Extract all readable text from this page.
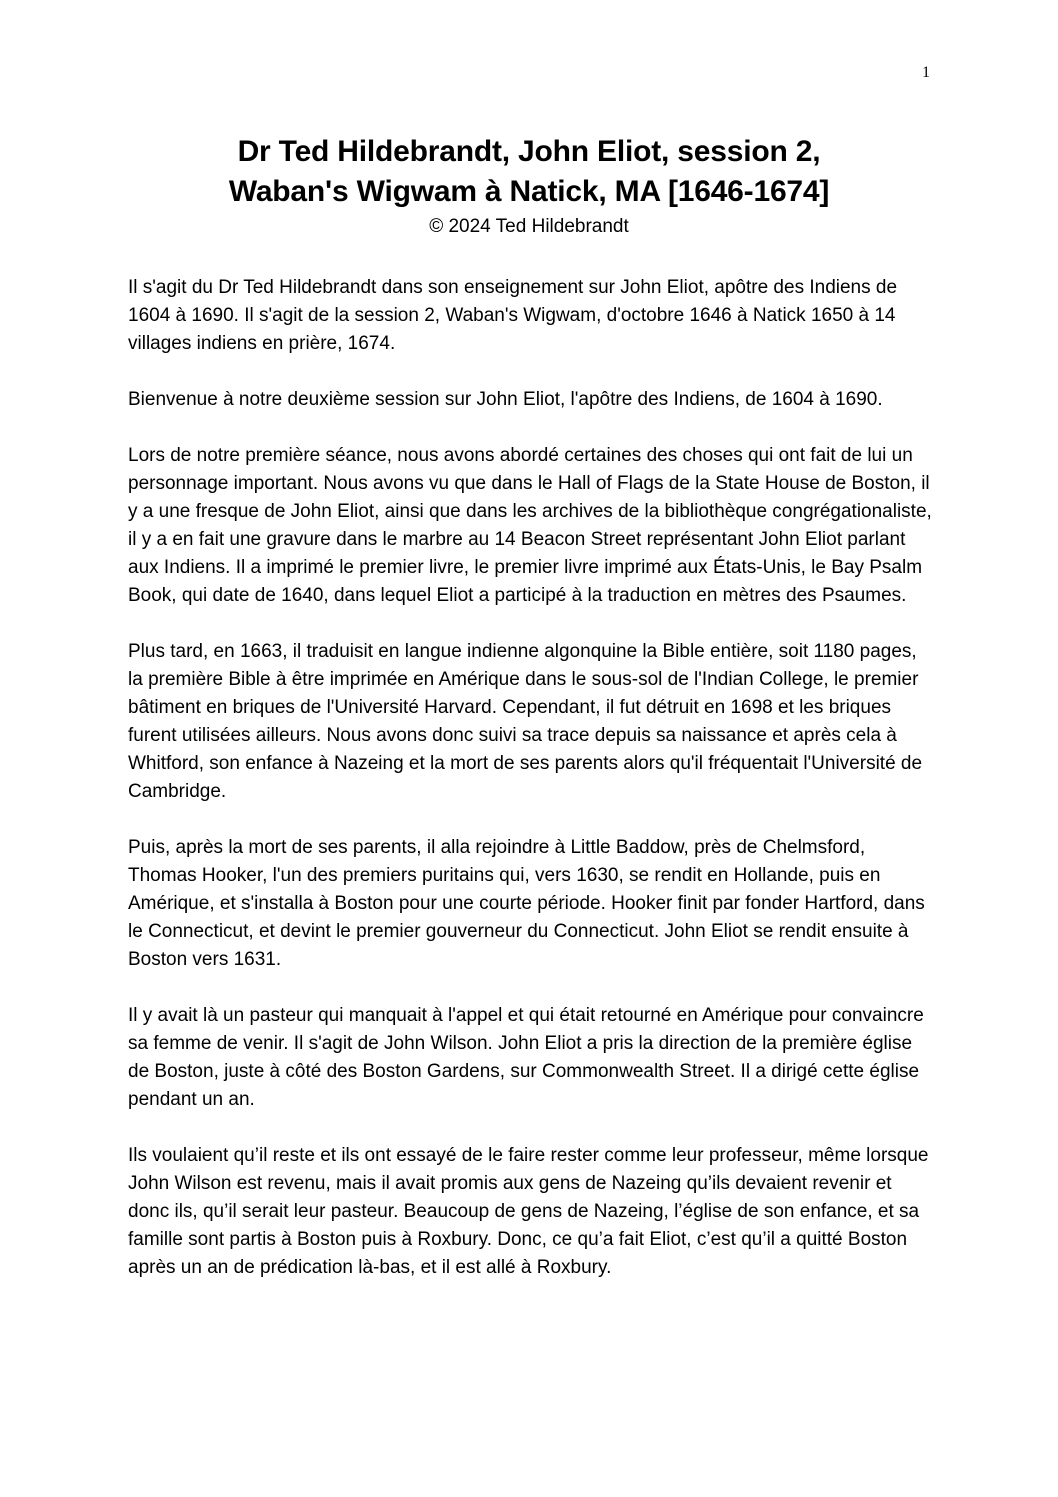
1
Dr Ted Hildebrandt, John Eliot, session 2,
Waban's Wigwam à Natick, MA [1646-1674]
© 2024 Ted Hildebrandt

Il s'agit du Dr Ted Hildebrandt dans son enseignement sur John Eliot, apôtre des Indiens de 1604 à 1690. Il s'agit de la session 2, Waban's Wigwam, d'octobre 1646 à Natick 1650 à 14 villages indiens en prière, 1674.

Bienvenue à notre deuxième session sur John Eliot, l'apôtre des Indiens, de 1604 à 1690.

Lors de notre première séance, nous avons abordé certaines des choses qui ont fait de lui un personnage important. Nous avons vu que dans le Hall of Flags de la State House de Boston, il y a une fresque de John Eliot, ainsi que dans les archives de la bibliothèque congrégationaliste, il y a en fait une gravure dans le marbre au 14 Beacon Street représentant John Eliot parlant aux Indiens. Il a imprimé le premier livre, le premier livre imprimé aux États-Unis, le Bay Psalm Book, qui date de 1640, dans lequel Eliot a participé à la traduction en mètres des Psaumes.

Plus tard, en 1663, il traduisit en langue indienne algonquine la Bible entière, soit 1180 pages, la première Bible à être imprimée en Amérique dans le sous-sol de l'Indian College, le premier bâtiment en briques de l'Université Harvard. Cependant, il fut détruit en 1698 et les briques furent utilisées ailleurs. Nous avons donc suivi sa trace depuis sa naissance et après cela à Whitford, son enfance à Nazeing et la mort de ses parents alors qu'il fréquentait l'Université de Cambridge.

Puis, après la mort de ses parents, il alla rejoindre à Little Baddow, près de Chelmsford, Thomas Hooker, l'un des premiers puritains qui, vers 1630, se rendit en Hollande, puis en Amérique, et s'installa à Boston pour une courte période. Hooker finit par fonder Hartford, dans le Connecticut, et devint le premier gouverneur du Connecticut. John Eliot se rendit ensuite à Boston vers 1631.

Il y avait là un pasteur qui manquait à l'appel et qui était retourné en Amérique pour convaincre sa femme de venir. Il s'agit de John Wilson. John Eliot a pris la direction de la première église de Boston, juste à côté des Boston Gardens, sur Commonwealth Street. Il a dirigé cette église pendant un an.

Ils voulaient qu’il reste et ils ont essayé de le faire rester comme leur professeur, même lorsque John Wilson est revenu, mais il avait promis aux gens de Nazeing qu’ils devaient revenir et donc ils, qu’il serait leur pasteur. Beaucoup de gens de Nazeing, l’église de son enfance, et sa famille sont partis à Boston puis à Roxbury. Donc, ce qu’a fait Eliot, c’est qu’il a quitté Boston après un an de prédication là-bas, et il est allé à Roxbury.
